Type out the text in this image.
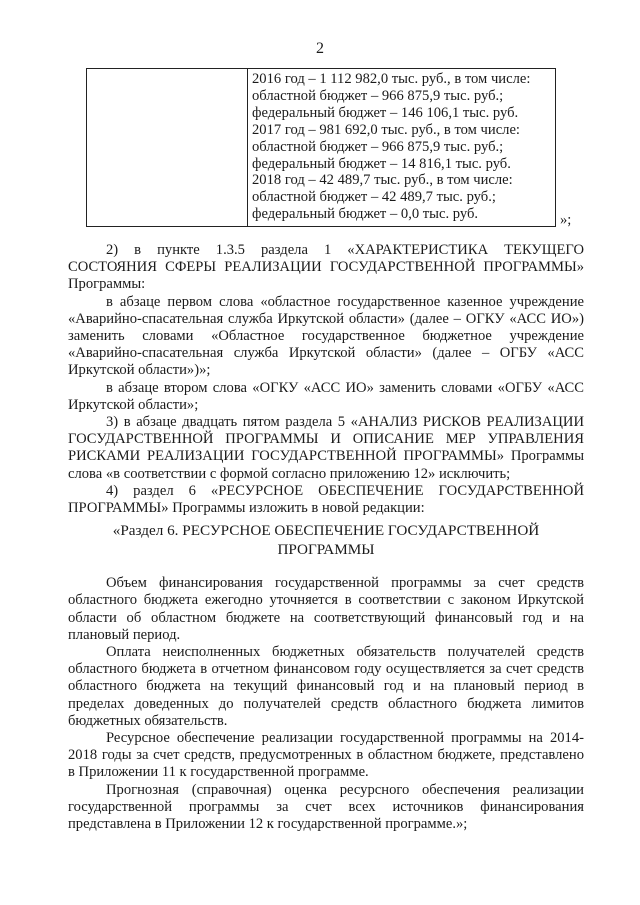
2

2016 год – 1 112 982,0 тыс. руб., в том числе:
областной бюджет – 966 875,9 тыс. руб.;
федеральный бюджет – 146 106,1 тыс. руб.
2017 год – 981 692,0 тыс. руб., в том числе:
областной бюджет – 966 875,9 тыс. руб.;
федеральный бюджет – 14 816,1 тыс. руб.
2018 год – 42 489,7 тыс. руб., в том числе:
областной бюджет – 42 489,7 тыс. руб.;
федеральный бюджет – 0,0 тыс. руб.	»;

2) в пункте 1.3.5 раздела 1 «ХАРАКТЕРИСТИКА ТЕКУЩЕГО СОСТОЯНИЯ СФЕРЫ РЕАЛИЗАЦИИ ГОСУДАРСТВЕННОЙ ПРОГРАММЫ» Программы:

в абзаце первом слова «областное государственное казенное учреждение «Аварийно-спасательная служба Иркутской области» (далее – ОГКУ «АСС ИО») заменить словами «Областное государственное бюджетное учреждение «Аварийно-спасательная служба Иркутской области» (далее – ОГБУ «АСС Иркутской области»)»;

в абзаце втором слова «ОГКУ «АСС ИО» заменить словами «ОГБУ «АСС Иркутской области»;

3) в абзаце двадцать пятом раздела 5 «АНАЛИЗ РИСКОВ РЕАЛИЗАЦИИ ГОСУДАРСТВЕННОЙ ПРОГРАММЫ И ОПИСАНИЕ МЕР УПРАВЛЕНИЯ РИСКАМИ РЕАЛИЗАЦИИ ГОСУДАРСТВЕННОЙ ПРОГРАММЫ» Программы слова «в соответствии с формой согласно приложению 12» исключить;

4) раздел 6 «РЕСУРСНОЕ ОБЕСПЕЧЕНИЕ ГОСУДАРСТВЕННОЙ ПРОГРАММЫ» Программы изложить в новой редакции:

«Раздел 6. РЕСУРСНОЕ ОБЕСПЕЧЕНИЕ ГОСУДАРСТВЕННОЙ
ПРОГРАММЫ

Объем финансирования государственной программы за счет средств областного бюджета ежегодно уточняется в соответствии с законом Иркутской области об областном бюджете на соответствующий финансовый год и на плановый период.

Оплата неисполненных бюджетных обязательств получателей средств областного бюджета в отчетном финансовом году осуществляется за счет средств областного бюджета на текущий финансовый год и на плановый период в пределах доведенных до получателей средств областного бюджета лимитов бюджетных обязательств.

Ресурсное обеспечение реализации государственной программы на 2014-2018 годы за счет средств, предусмотренных в областном бюджете, представлено в Приложении 11 к государственной программе.

Прогнозная (справочная) оценка ресурсного обеспечения реализации государственной программы за счет всех источников финансирования представлена в Приложении 12 к государственной программе.»;
